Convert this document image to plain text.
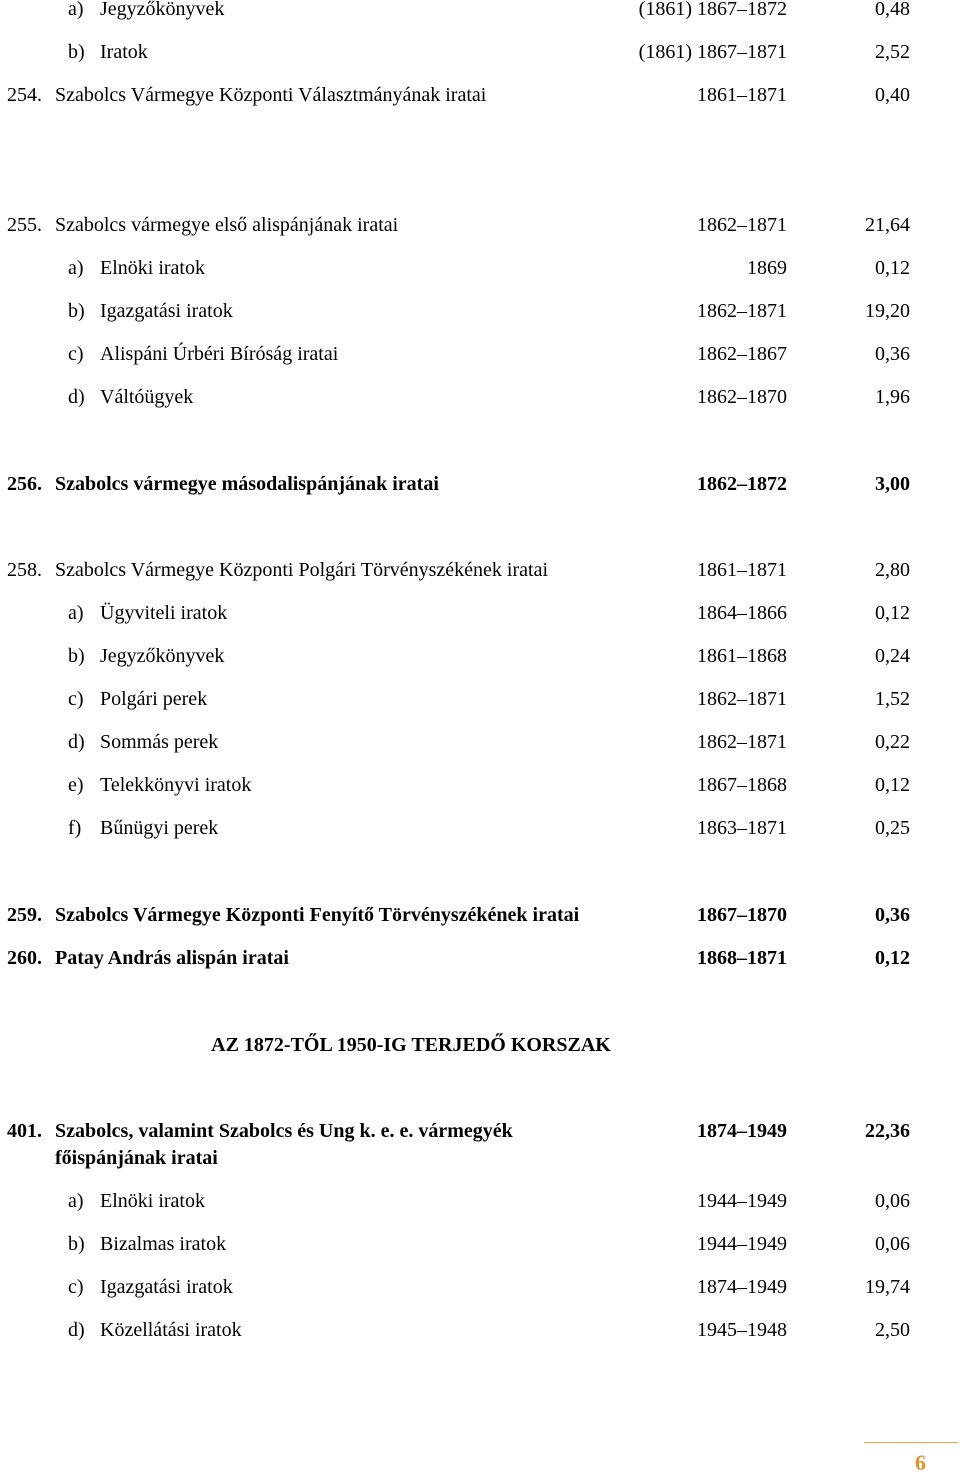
a) Jegyzőkönyvek	(1861) 1867–1872	0,48
b) Iratok	(1861) 1867–1871	2,52
254. Szabolcs Vármegye Központi Választmányának iratai	1861–1871	0,40
255. Szabolcs vármegye első alispánjának iratai	1862–1871	21,64
a) Elnöki iratok	1869	0,12
b) Igazgatási iratok	1862–1871	19,20
c) Alispáni Úrbéri Bíróság iratai	1862–1867	0,36
d) Váltóügyek	1862–1870	1,96
256. Szabolcs vármegye másodalispánjának iratai	1862–1872	3,00
258. Szabolcs Vármegye Központi Polgári Törvényszékének iratai	1861–1871	2,80
a) Ügyviteli iratok	1864–1866	0,12
b) Jegyzőkönyvek	1861–1868	0,24
c) Polgári perek	1862–1871	1,52
d) Sommás perek	1862–1871	0,22
e) Telekkönyvi iratok	1867–1868	0,12
f) Bűnügyi perek	1863–1871	0,25
259. Szabolcs Vármegye Központi Fenyítő Törvényszékének iratai	1867–1870	0,36
260. Patay András alispán iratai	1868–1871	0,12
AZ 1872-TŐL 1950-IG TERJEDŐ KORSZAK
401. Szabolcs, valamint Szabolcs és Ung k. e. e. vármegyék	1874–1949	22,36
főispánjának iratai
a) Elnöki iratok	1944–1949	0,06
b) Bizalmas iratok	1944–1949	0,06
c) Igazgatási iratok	1874–1949	19,74
d) Közellátási iratok	1945–1948	2,50
6
